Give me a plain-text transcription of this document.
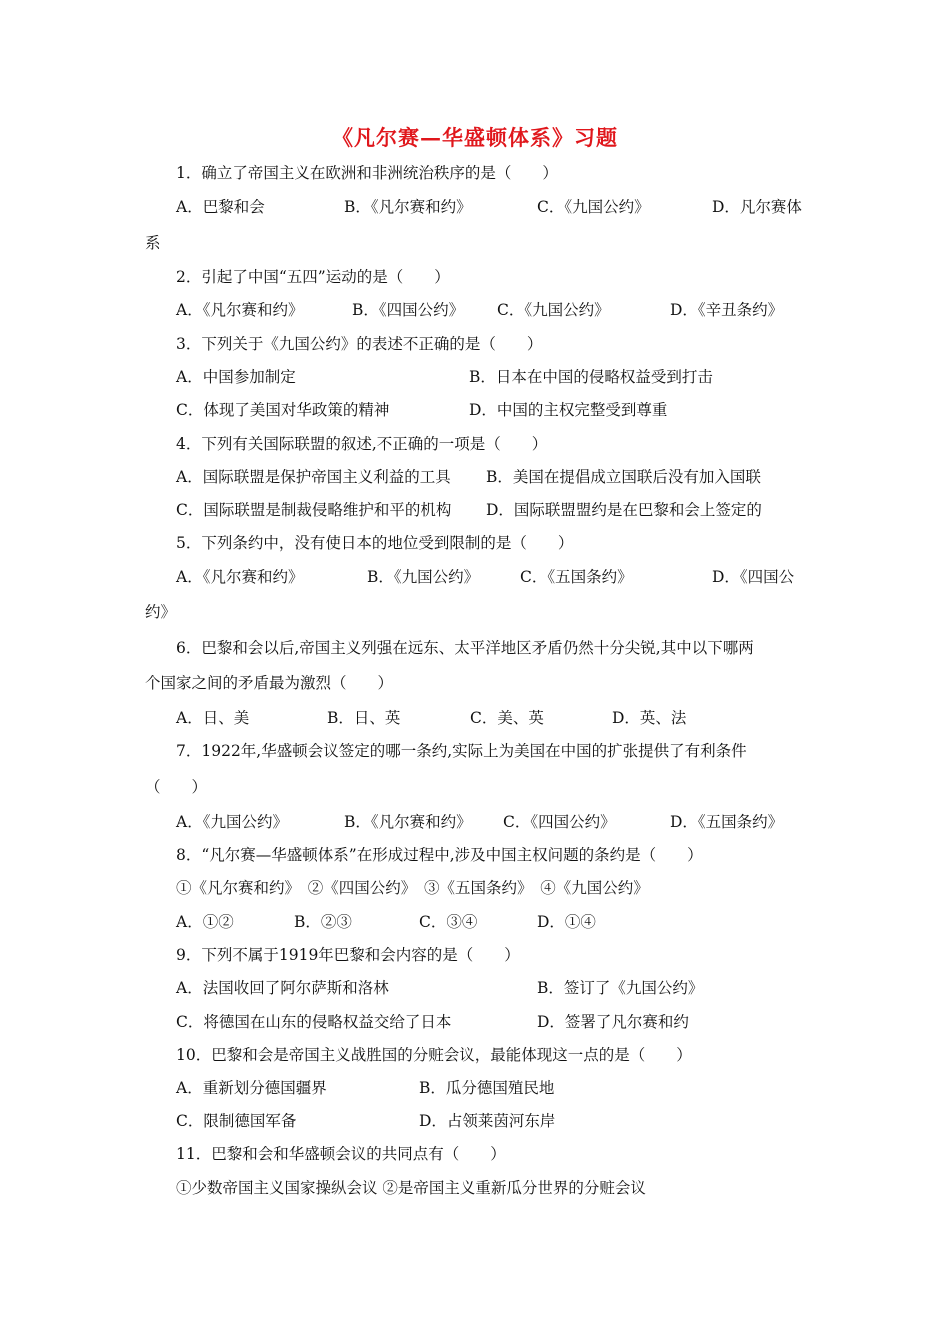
《凡尔赛—华盛顿体系》习题
1．确立了帝国主义在欧洲和非洲统治秩序的是（　　）
A．巴黎和会	B．《凡尔赛和约》	C．《九国公约》	D．凡尔赛体
系
2．引起了中国“五四”运动的是（　　）
A．《凡尔赛和约》	B．《四国公约》 C．《九国公约》	D．《辛丑条约》
3．下列关于《九国公约》的表述不正确的是（　　）
A．中国参加制定	B．日本在中国的侵略权益受到打击
C．体现了美国对华政策的精神	D．中国的主权完整受到尊重
4．下列有关国际联盟的叙述,不正确的一项是（　　）
A．国际联盟是保护帝国主义利益的工具 B．美国在提倡成立国联后没有加入国联
C．国际联盟是制裁侵略维护和平的机构 D．国际联盟盟约是在巴黎和会上签定的
5．下列条约中，没有使日本的地位受到限制的是（　　）
A．《凡尔赛和约》	B．《九国公约》	C．《五国条约》	D．《四国公
约》
6．巴黎和会以后,帝国主义列强在远东、太平洋地区矛盾仍然十分尖锐,其中以下哪两
个国家之间的矛盾最为激烈（　　）
A．日、美	B．日、英	C．美、英	D．英、法
7．1922年,华盛顿会议签定的哪一条约,实际上为美国在中国的扩张提供了有利条件
（　　）
A．《九国公约》	B．《凡尔赛和约》 C．《四国公约》	D．《五国条约》
8．“凡尔赛—华盛顿体系”在形成过程中,涉及中国主权问题的条约是（　　）
①《凡尔赛和约》　②《四国公约》　③《五国条约》　④《九国公约》
A．①②	B．②③	C．③④	D．①④
9．下列不属于1919年巴黎和会内容的是（　　）
A．法国收回了阿尔萨斯和洛林	B．签订了《九国公约》
C．将德国在山东的侵略权益交给了日本	D．签署了凡尔赛和约
10．巴黎和会是帝国主义战胜国的分赃会议，最能体现这一点的是（　　）
A．重新划分德国疆界	B．瓜分德国殖民地
C．限制德国军备	D．占领莱茵河东岸
11．巴黎和会和华盛顿会议的共同点有（　　）
①少数帝国主义国家操纵会议 ②是帝国主义重新瓜分世界的分赃会议
